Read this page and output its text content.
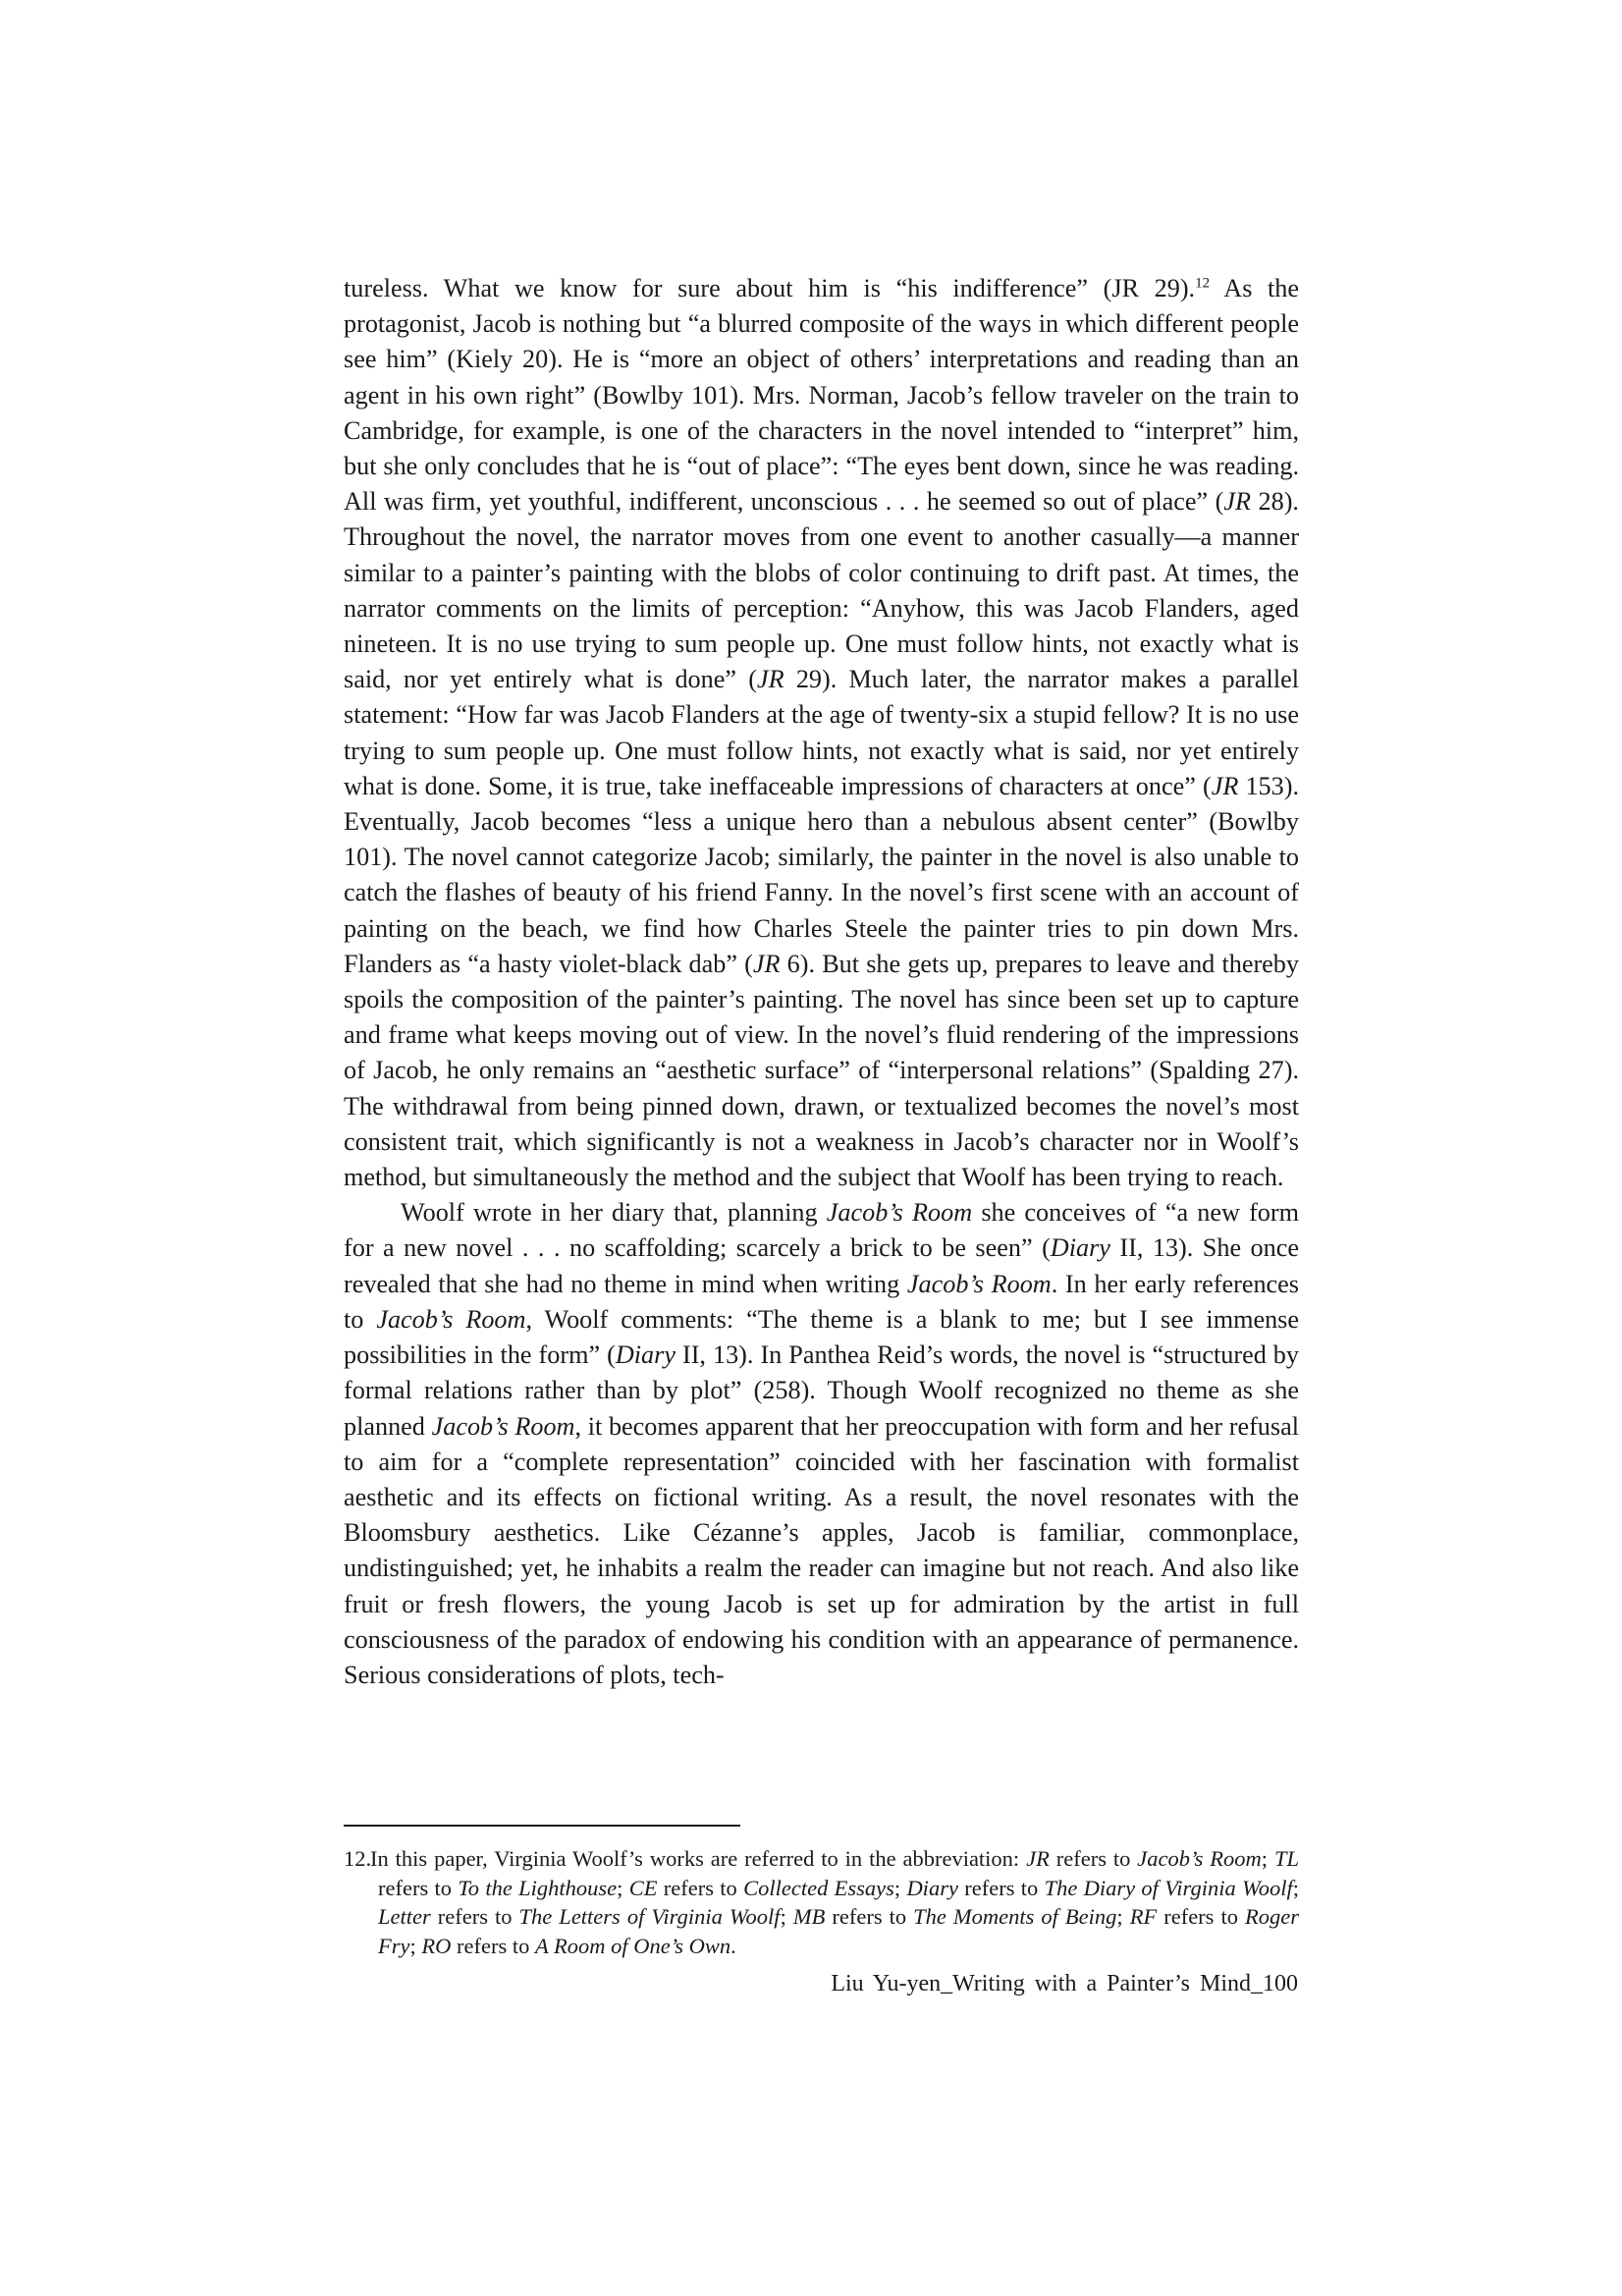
tureless. What we know for sure about him is “his indifference” (JR 29).$^{12}$ As the protagonist, Jacob is nothing but “a blurred composite of the ways in which different people see him” (Kiely 20). He is “more an object of others’ interpretations and reading than an agent in his own right” (Bowlby 101). Mrs. Norman, Jacob’s fellow traveler on the train to Cambridge, for example, is one of the characters in the novel intended to “interpret” him, but she only concludes that he is “out of place”: “The eyes bent down, since he was reading. All was firm, yet youthful, indifferent, unconscious . . . he seemed so out of place” (JR 28). Throughout the novel, the narrator moves from one event to another casually—a manner similar to a painter’s painting with the blobs of color continuing to drift past. At times, the narrator comments on the limits of perception: “Anyhow, this was Jacob Flanders, aged nineteen. It is no use trying to sum people up. One must follow hints, not exactly what is said, nor yet entirely what is done” (JR 29). Much later, the narrator makes a parallel statement: “How far was Jacob Flanders at the age of twenty-six a stupid fellow? It is no use trying to sum people up. One must follow hints, not exactly what is said, nor yet entirely what is done. Some, it is true, take ineffaceable impressions of characters at once” (JR 153). Eventually, Jacob becomes “less a unique hero than a nebulous absent center” (Bowlby 101). The novel cannot categorize Jacob; similarly, the painter in the novel is also unable to catch the flashes of beauty of his friend Fanny. In the novel’s first scene with an account of painting on the beach, we find how Charles Steele the painter tries to pin down Mrs. Flanders as “a hasty violet-black dab” (JR 6). But she gets up, prepares to leave and thereby spoils the composition of the painter’s painting. The novel has since been set up to capture and frame what keeps moving out of view. In the novel’s fluid rendering of the impressions of Jacob, he only remains an “aesthetic surface” of “interpersonal relations” (Spalding 27). The withdrawal from being pinned down, drawn, or textualized becomes the novel’s most consistent trait, which significantly is not a weakness in Jacob’s character nor in Woolf’s method, but simultaneously the method and the subject that Woolf has been trying to reach.

Woolf wrote in her diary that, planning Jacob’s Room she conceives of “a new form for a new novel . . . no scaffolding; scarcely a brick to be seen” (Diary II, 13). She once revealed that she had no theme in mind when writing Jacob’s Room. In her early references to Jacob’s Room, Woolf comments: “The theme is a blank to me; but I see immense possibilities in the form” (Diary II, 13). In Panthea Reid’s words, the novel is “structured by formal relations rather than by plot” (258). Though Woolf recognized no theme as she planned Jacob’s Room, it becomes apparent that her preoccupation with form and her refusal to aim for a “complete representation” coincided with her fascination with formalist aesthetic and its effects on fictional writing. As a result, the novel resonates with the Bloomsbury aesthetics. Like Cézanne’s apples, Jacob is familiar, commonplace, undistinguished; yet, he inhabits a realm the reader can imagine but not reach. And also like fruit or fresh flowers, the young Jacob is set up for admiration by the artist in full consciousness of the paradox of endowing his condition with an appearance of permanence. Serious considerations of plots, tech-

12.
In this paper, Virginia Woolf’s works are referred to in the abbreviation: JR refers to Jacob’s Room; TL refers to To the Lighthouse; CE refers to Collected Essays; Diary refers to The Diary of Virginia Woolf; Letter refers to The Letters of Virginia Woolf; MB refers to The Moments of Being; RF refers to Roger Fry; RO refers to A Room of One’s Own.
Liu Yu-yen_Writing with a Painter’s Mind_100
